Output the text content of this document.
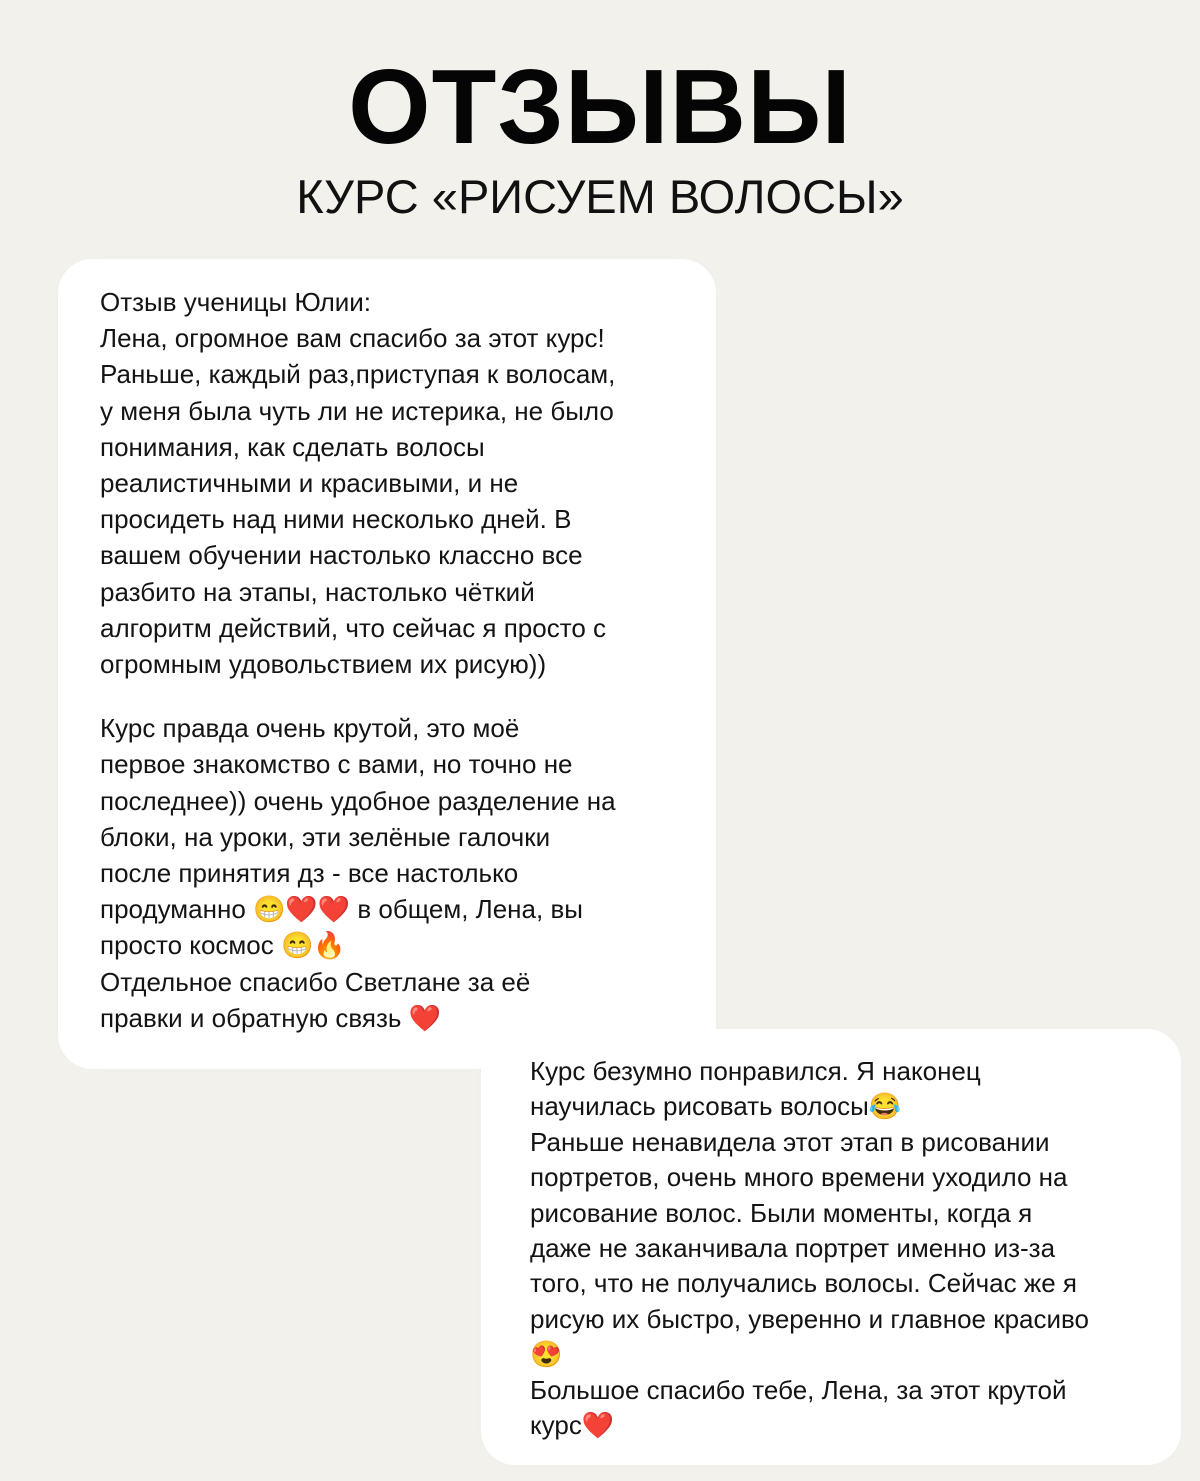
ОТЗЫВЫ
КУРС «РИСУЕМ ВОЛОСЫ»

Отзыв ученицы Юлии:
Лена, огромное вам спасибо за этот курс!
Раньше, каждый раз,приступая к волосам,
у меня была чуть ли не истерика, не было
понимания, как сделать волосы
реалистичными и красивыми, и не
просидеть над ними несколько дней. В
вашем обучении настолько классно все
разбито на этапы, настолько чёткий
алгоритм действий, что сейчас я просто с
огромным удовольствием их рисую))

Курс правда очень крутой, это моё
первое знакомство с вами, но точно не
последнее)) очень удобное разделение на
блоки, на уроки, эти зелёные галочки
после принятия дз - все настолько
продуманно 😁❤️❤️ в общем, Лена, вы
просто космос 😁🔥
Отдельное спасибо Светлане за её
правки и обратную связь ❤️

Курс безумно понравился. Я наконец
научилась рисовать волосы😂
Раньше ненавидела этот этап в рисовании
портретов, очень много времени уходило на
рисование волос. Были моменты, когда я
даже не заканчивала портрет именно из-за
того, что не получались волосы. Сейчас же я
рисую их быстро, уверенно и главное красиво
😍
Большое спасибо тебе, Лена, за этот крутой
курс❤️
